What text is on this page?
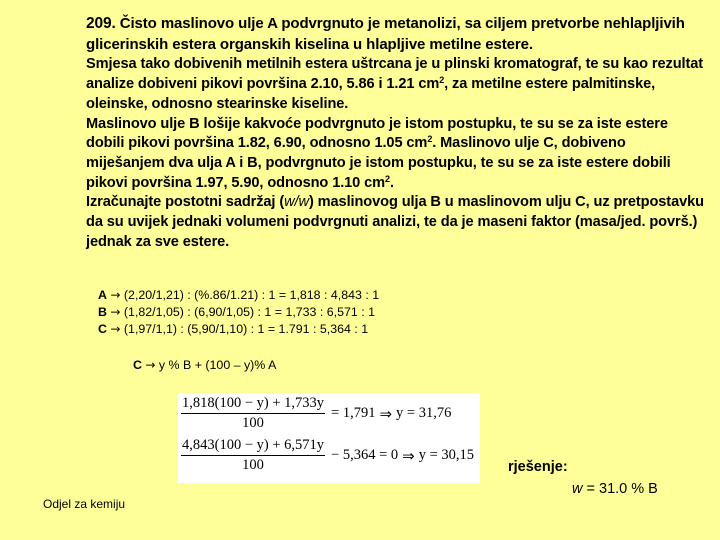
209. Čisto maslinovo ulje A podvrgnuto je metanolizi, sa ciljem pretvorbe nehlapljivih glicerinskih estera organskih kiselina u hlapljive metilne estere.

Smjesa tako dobivenih metilnih estera uštrcana je u plinski kromatograf, te su kao rezultat analize dobiveni pikovi površina 2.10, 5.86 i 1.21 $cm^2$, za metilne estere palmitinske, oleinske, odnosno stearinske kiseline.

Maslinovo ulje B lošije kakvoće podvrgnuto je istom postupku, te su se za iste estere dobili pikovi površina 1.82, 6.90, odnosno 1.05 $cm^2$. Maslinovo ulje C, dobiveno miješanjem dva ulja A i B, podvrgnuto je istom postupku, te su se za iste estere dobili pikovi površina 1.97, 5.90, odnosno 1.10 $cm^2$.

Izračunajte postotni sadržaj (w/w) maslinovog ulja B u maslinovom ulju C, uz pretpostavku da su uvijek jednaki volumeni podvrgnuti analizi, te da je maseni faktor (masa/jed. površ.) jednak za sve estere.

A → (2,20/1,21) : (%.86/1.21) : 1 = 1,818 : 4,843 : 1
B → (1,82/1,05) : (6,90/1,05) : 1 = 1,733 : 6,571 : 1
C → (1,97/1,1) : (5,90/1,10) : 1 = 1.791 : 5,364 : 1
C → y % B + (100 – y)% A
$\frac{1,818(100 - y) + 1,733y}{100} = 1,791$ ⇒ y = 31,76
$\frac{4,843(100 - y) + 6,571y}{100} - 5,364 = 0$ ⇒ y = 30,15
rješenje:
w = 31.0 % B
Odjel za kemiju
